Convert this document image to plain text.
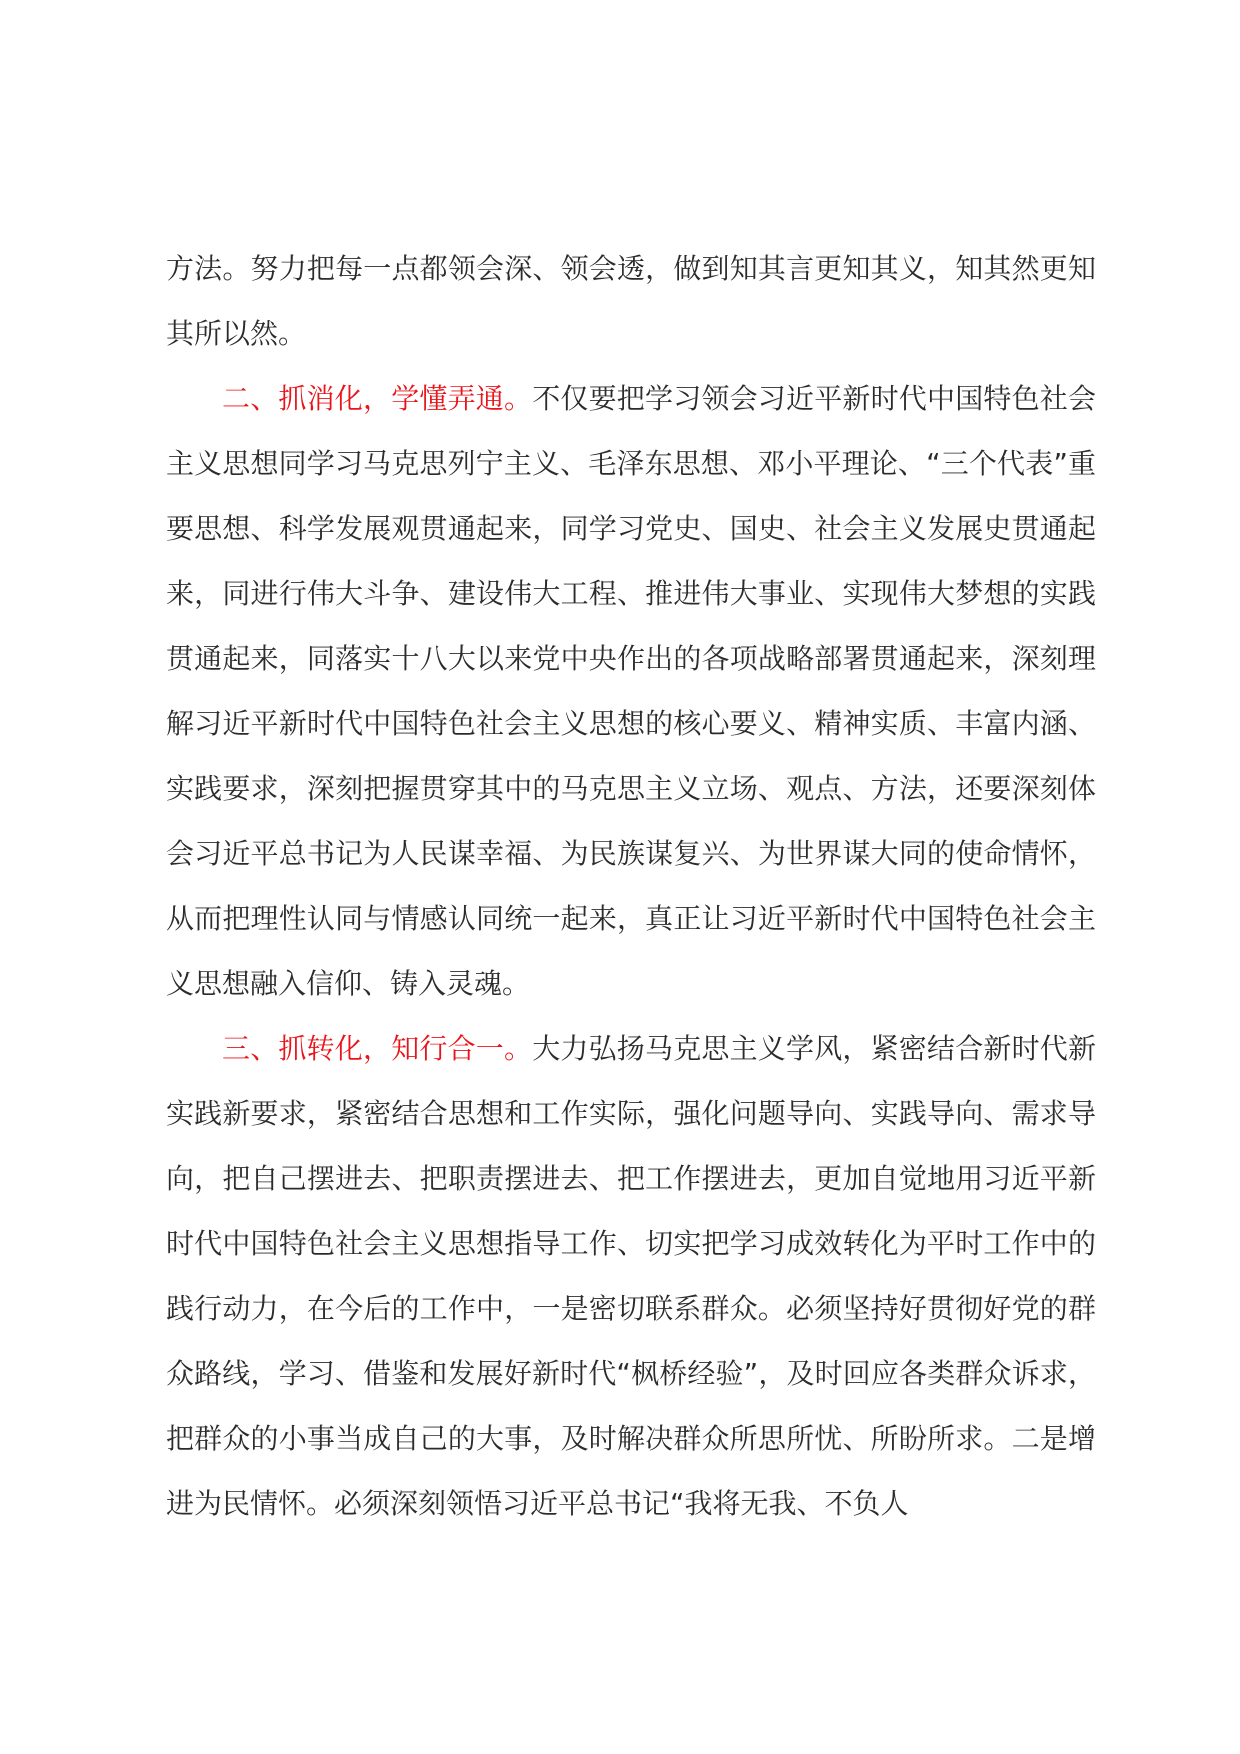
方法。努力把每一点都领会深、领会透，做到知其言更知其义，知其然更知其所以然。

二、抓消化，学懂弄通。不仅要把学习领会习近平新时代中国特色社会主义思想同学习马克思列宁主义、毛泽东思想、邓小平理论、“三个代表”重要思想、科学发展观贯通起来，同学习党史、国史、社会主义发展史贯通起来，同进行伟大斗争、建设伟大工程、推进伟大事业、实现伟大梦想的实践贯通起来，同落实十八大以来党中央作出的各项战略部署贯通起来，深刻理解习近平新时代中国特色社会主义思想的核心要义、精神实质、丰富内涵、实践要求，深刻把握贯穿其中的马克思主义立场、观点、方法，还要深刻体会习近平总书记为人民谋幸福、为民族谋复兴、为世界谋大同的使命情怀，从而把理性认同与情感认同统一起来，真正让习近平新时代中国特色社会主义思想融入信仰、铸入灵魂。

三、抓转化，知行合一。大力弘扬马克思主义学风，紧密结合新时代新实践新要求，紧密结合思想和工作实际，强化问题导向、实践导向、需求导向，把自己摆进去、把职责摆进去、把工作摆进去，更加自觉地用习近平新时代中国特色社会主义思想指导工作、切实把学习成效转化为平时工作中的践行动力，在今后的工作中，一是密切联系群众。必须坚持好贯彻好党的群众路线，学习、借鉴和发展好新时代“枫桥经验”，及时回应各类群众诉求，把群众的小事当成自己的大事，及时解决群众所思所忧、所盼所求。二是增进为民情怀。必须深刻领悟习近平总书记“我将无我、不负人
